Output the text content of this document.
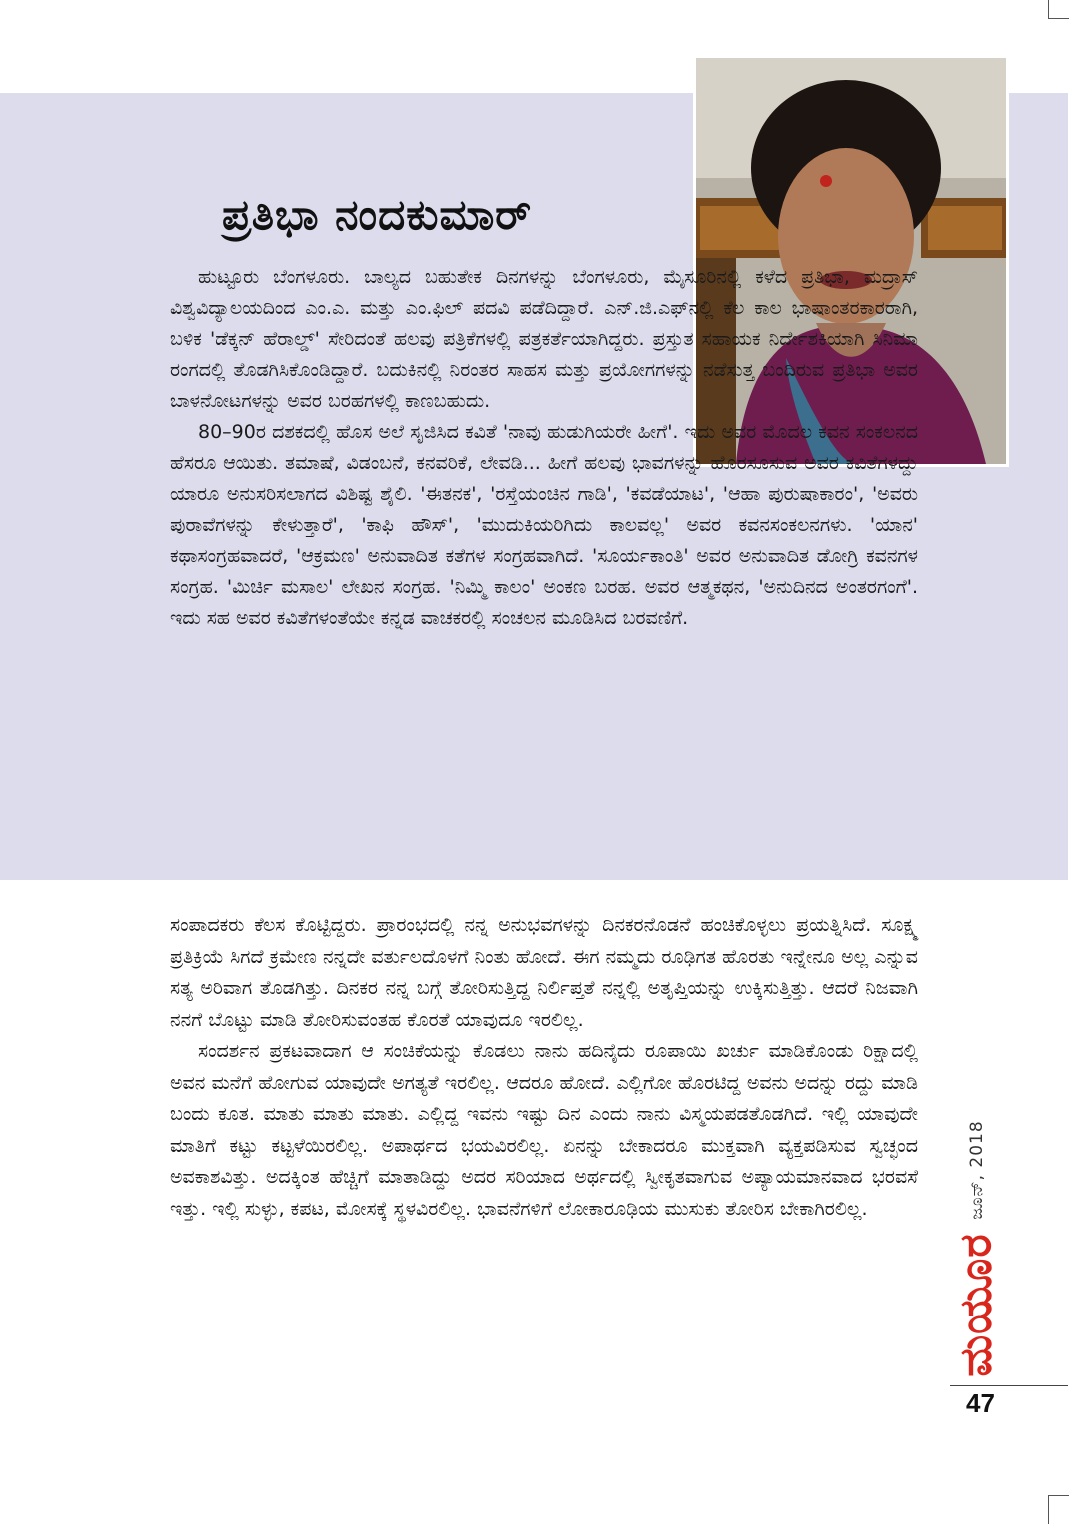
ಪ್ರತಿಭಾ ನಂದಕುಮಾರ್

ಹುಟ್ಟೂರು ಬೆಂಗಳೂರು. ಬಾಲ್ಯದ ಬಹುತೇಕ ದಿನಗಳನ್ನು ಬೆಂಗಳೂರು, ಮೈಸೂರಿನಲ್ಲಿ ಕಳೆದ ಪ್ರತಿಭಾ, ಮದ್ರಾಸ್ ವಿಶ್ವವಿದ್ಯಾಲಯದಿಂದ ಎಂ.ಎ. ಮತ್ತು ಎಂ.ಫಿಲ್ ಪದವಿ ಪಡೆದಿದ್ದಾರೆ. ಎನ್.ಜಿ.ಎಫ್‌ನಲ್ಲಿ ಕೆಲ ಕಾಲ ಭಾಷಾಂತರಕಾರರಾಗಿ, ಬಳಿಕ 'ಡೆಕ್ಕನ್ ಹೆರಾಲ್ಡ್' ಸೇರಿದಂತೆ ಹಲವು ಪತ್ರಿಕೆಗಳಲ್ಲಿ ಪತ್ರಕರ್ತೆಯಾಗಿದ್ದರು. ಪ್ರಸ್ತುತ ಸಹಾಯಕ ನಿರ್ದೇಶಕಿಯಾಗಿ ಸಿನಿಮಾ ರಂಗದಲ್ಲಿ ತೊಡಗಿಸಿಕೊಂಡಿದ್ದಾರೆ. ಬದುಕಿನಲ್ಲಿ ನಿರಂತರ ಸಾಹಸ ಮತ್ತು ಪ್ರಯೋಗಗಳನ್ನು ನಡೆಸುತ್ತ ಬಂದಿರುವ ಪ್ರತಿಭಾ ಅವರ ಬಾಳನೋಟಗಳನ್ನು ಅವರ ಬರಹಗಳಲ್ಲಿ ಕಾಣಬಹುದು.

80–90ರ ದಶಕದಲ್ಲಿ ಹೊಸ ಅಲೆ ಸೃಜಿಸಿದ ಕವಿತೆ 'ನಾವು ಹುಡುಗಿಯರೇ ಹೀಗೆ'. ಇದು ಅವರ ಮೊದಲ ಕವನ ಸಂಕಲನದ ಹೆಸರೂ ಆಯಿತು. ತಮಾಷೆ, ವಿಡಂಬನೆ, ಕನವರಿಕೆ, ಲೇವಡಿ... ಹೀಗೆ ಹಲವು ಭಾವಗಳನ್ನು ಹೊರಸೂಸುವ ಅವರ ಕವಿತೆಗಳದ್ದು ಯಾರೂ ಅನುಸರಿಸಲಾಗದ ವಿಶಿಷ್ಟ ಶೈಲಿ. 'ಈತನಕ', 'ರಸ್ತೆಯಂಚಿನ ಗಾಡಿ', 'ಕವಡೆಯಾಟ', 'ಆಹಾ ಪುರುಷಾಕಾರಂ', 'ಅವರು ಪುರಾವೆಗಳನ್ನು ಕೇಳುತ್ತಾರೆ', 'ಕಾಫಿ ಹೌಸ್', 'ಮುದುಕಿಯರಿಗಿದು ಕಾಲವಲ್ಲ' ಅವರ ಕವನಸಂಕಲನಗಳು. 'ಯಾನ' ಕಥಾಸಂಗ್ರಹವಾದರೆ, 'ಆಕ್ರಮಣ' ಅನುವಾದಿತ ಕತೆಗಳ ಸಂಗ್ರಹವಾಗಿದೆ. 'ಸೂರ್ಯಕಾಂತಿ' ಅವರ ಅನುವಾದಿತ ಡೋಗ್ರಿ ಕವನಗಳ ಸಂಗ್ರಹ. 'ಮಿರ್ಚಿ ಮಸಾಲ' ಲೇಖನ ಸಂಗ್ರಹ. 'ನಿಮ್ಮಿ ಕಾಲಂ' ಅಂಕಣ ಬರಹ. ಅವರ ಆತ್ಮಕಥನ, 'ಅನುದಿನದ ಅಂತರಗಂಗೆ'. ಇದು ಸಹ ಅವರ ಕವಿತೆಗಳಂತೆಯೇ ಕನ್ನಡ ವಾಚಕರಲ್ಲಿ ಸಂಚಲನ ಮೂಡಿಸಿದ ಬರವಣಿಗೆ.

ಸಂಪಾದಕರು ಕೆಲಸ ಕೊಟ್ಟಿದ್ದರು. ಪ್ರಾರಂಭದಲ್ಲಿ ನನ್ನ ಅನುಭವಗಳನ್ನು ದಿನಕರನೊಡನೆ ಹಂಚಿಕೊಳ್ಳಲು ಪ್ರಯತ್ನಿಸಿದೆ. ಸೂಕ್ಷ್ಮ ಪ್ರತಿಕ್ರಿಯೆ ಸಿಗದೆ ಕ್ರಮೇಣ ನನ್ನದೇ ವರ್ತುಲದೊಳಗೆ ನಿಂತು ಹೋದೆ. ಈಗ ನಮ್ಮದು ರೂಢಿಗತ ಹೊರತು ಇನ್ನೇನೂ ಅಲ್ಲ ಎನ್ನುವ ಸತ್ಯ ಅರಿವಾಗ ತೊಡಗಿತ್ತು. ದಿನಕರ ನನ್ನ ಬಗ್ಗೆ ತೋರಿಸುತ್ತಿದ್ದ ನಿರ್ಲಿಪ್ತತೆ ನನ್ನಲ್ಲಿ ಅತೃಪ್ತಿಯನ್ನು ಉಕ್ಕಿಸುತ್ತಿತ್ತು. ಆದರೆ ನಿಜವಾಗಿ ನನಗೆ ಬೊಟ್ಟು ಮಾಡಿ ತೋರಿಸುವಂತಹ ಕೊರತೆ ಯಾವುದೂ ಇರಲಿಲ್ಲ.

ಸಂದರ್ಶನ ಪ್ರಕಟವಾದಾಗ ಆ ಸಂಚಿಕೆಯನ್ನು ಕೊಡಲು ನಾನು ಹದಿನೈದು ರೂಪಾಯಿ ಖರ್ಚು ಮಾಡಿಕೊಂಡು ರಿಕ್ಷಾದಲ್ಲಿ ಅವನ ಮನೆಗೆ ಹೋಗುವ ಯಾವುದೇ ಅಗತ್ಯತೆ ಇರಲಿಲ್ಲ. ಆದರೂ ಹೋದೆ. ಎಲ್ಲಿಗೋ ಹೊರಟಿದ್ದ ಅವನು ಅದನ್ನು ರದ್ದು ಮಾಡಿ ಬಂದು ಕೂತ. ಮಾತು ಮಾತು ಮಾತು. ಎಲ್ಲಿದ್ದ ಇವನು ಇಷ್ಟು ದಿನ ಎಂದು ನಾನು ವಿಸ್ಮಯಪಡತೊಡಗಿದೆ. ಇಲ್ಲಿ ಯಾವುದೇ ಮಾತಿಗೆ ಕಟ್ಟು ಕಟ್ಟಳೆಯಿರಲಿಲ್ಲ. ಅಪಾರ್ಥದ ಭಯವಿರಲಿಲ್ಲ. ಏನನ್ನು ಬೇಕಾದರೂ ಮುಕ್ತವಾಗಿ ವ್ಯಕ್ತಪಡಿಸುವ ಸ್ವಚ್ಛಂದ ಅವಕಾಶವಿತ್ತು. ಅದಕ್ಕಿಂತ ಹೆಚ್ಚಿಗೆ ಮಾತಾಡಿದ್ದು ಅದರ ಸರಿಯಾದ ಅರ್ಥದಲ್ಲಿ ಸ್ವೀಕೃತವಾಗುವ ಅಪ್ಯಾಯಮಾನವಾದ ಭರವಸೆ ಇತ್ತು. ಇಲ್ಲಿ ಸುಳ್ಳು, ಕಪಟ, ಮೋಸಕ್ಕೆ ಸ್ಥಳವಿರಲಿಲ್ಲ. ಭಾವನೆಗಳಿಗೆ ಲೋಕಾರೂಢಿಯ ಮುಸುಕು ತೋರಿಸ ಬೇಕಾಗಿರಲಿಲ್ಲ.	ಜೂನ್, 2018
ಮಯೂರ
47
